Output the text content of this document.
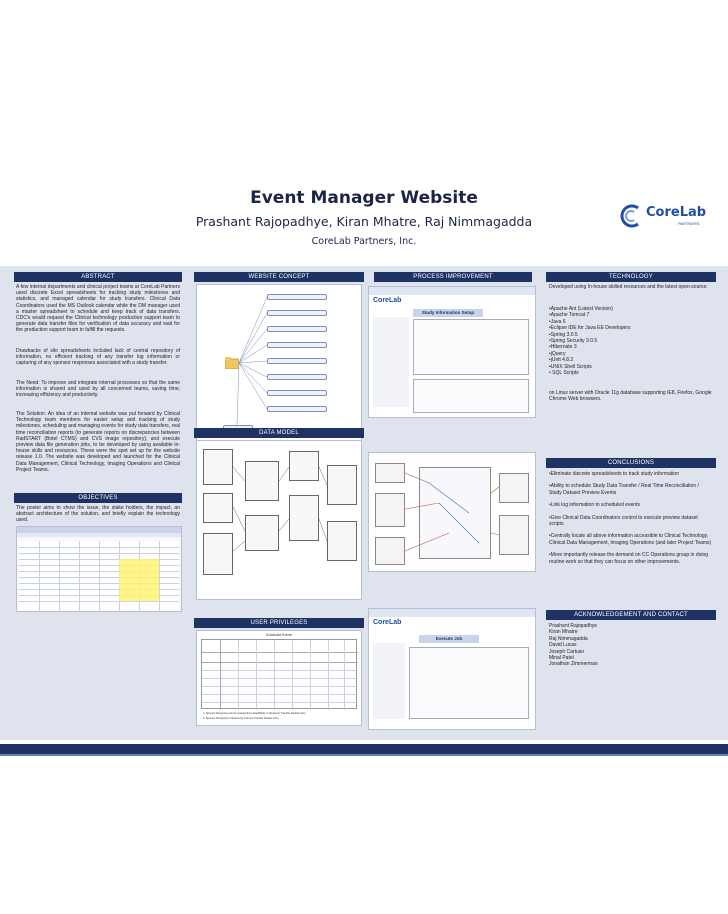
Event Manager Website
Prashant Rajopadhye, Kiran Mhatre, Raj Nimmagadda
CoreLab Partners, Inc.
CoreLab
PARTNERS
ABSTRACT
A few internal departments and clinical project teams at CoreLab Partners used discrete Excel spreadsheets for tracking study milestones and statistics, and managed calendar for study transfers. Clinical Data Coordinators used the MS Outlook calendar while the DM manager used a master spreadsheet to schedule and keep track of data transfers. CDC's would request the Clinical technology production support team to generate data transfer files for verification of data accuracy and wait for the production support team to fulfill the requests.
Drawbacks of silo spreadsheets included lack of central repository of information, no efficient tracking of any transfer log information or capturing of any sponsor responses associated with a study transfer.
The Need: To improve and integrate internal processes so that the same information is shared and used by all concerned teams, saving time, increasing efficiency and productivity.
The Solution: An idea of an internal website was put forward by Clinical Technology team members for easier setup and tracking of study milestones, scheduling and managing events for study data transfers, real time reconciliation reports (to generate reports on discrepancies between RadSTART (Botel CTMS) and CVS image repository), and execute preview data file generation jobs, to be developed by using available in-house skills and resources. These were the spot set up for the website release 1.0. The website was developed and launched for the Clinical Data Management, Clinical Technology, Imaging Operations and Clinical Project Teams.
OBJECTIVES
The poster aims to show the issue, the stake holders, the impact, an abstract architecture of the solution, and briefly explain the technology used.
WEBSITE CONCEPT
DATA MODEL
USER PRIVILEGES
Scheduled Events
1. Sponsor Response can be entered from Read/Write in the Event Transfer Details entry.
2. Sponsor Response is Read-only in Event Transfer Details entry.
PROCESS IMPROVEMENT
CoreLab
Study Information Setup
CoreLab
Execute Job
TECHNOLOGY
Developed using In-house skilled resources and the latest open-source:
•Apache Ant (Latest Version)
•Apache Tomcat 7
•Java 6
•Eclipse IDE for Java EE Developers
•Spring 3.0.5
•Spring Security 3.0.5
•Hibernate 3
•jQuery
•jUnit 4.8.2
•UNIX Shell Scripts
• SQL Scripts
on Linux server with Oracle 11g database supporting IE8, Firefox, Google Chrome Web browsers.
CONCLUSIONS
•Eliminate discrete spreadsheets to track study information
•Ability to schedule Study Data Transfer / Real Time Reconciliation / Study Dataset Preview Events
•Link log information to scheduled events
•Give Clinical Data Coordinators control to execute preview dataset scripts
•Centrally locate all above information accessible to Clinical Technology, Clinical Data Management, Imaging Operations (and later Project Teams)
•More importantly release the demand on CC Operations group in doing routine work so that they can focus on other improvements.
ACKNOWLEDGEMENT AND CONTACT
Prashant Rajopadhye
Kiran Mhatre
Raj Nimmagadda
David Lucas
Joseph Cartuso
Minal Patel
Jonathan Zimmerman
